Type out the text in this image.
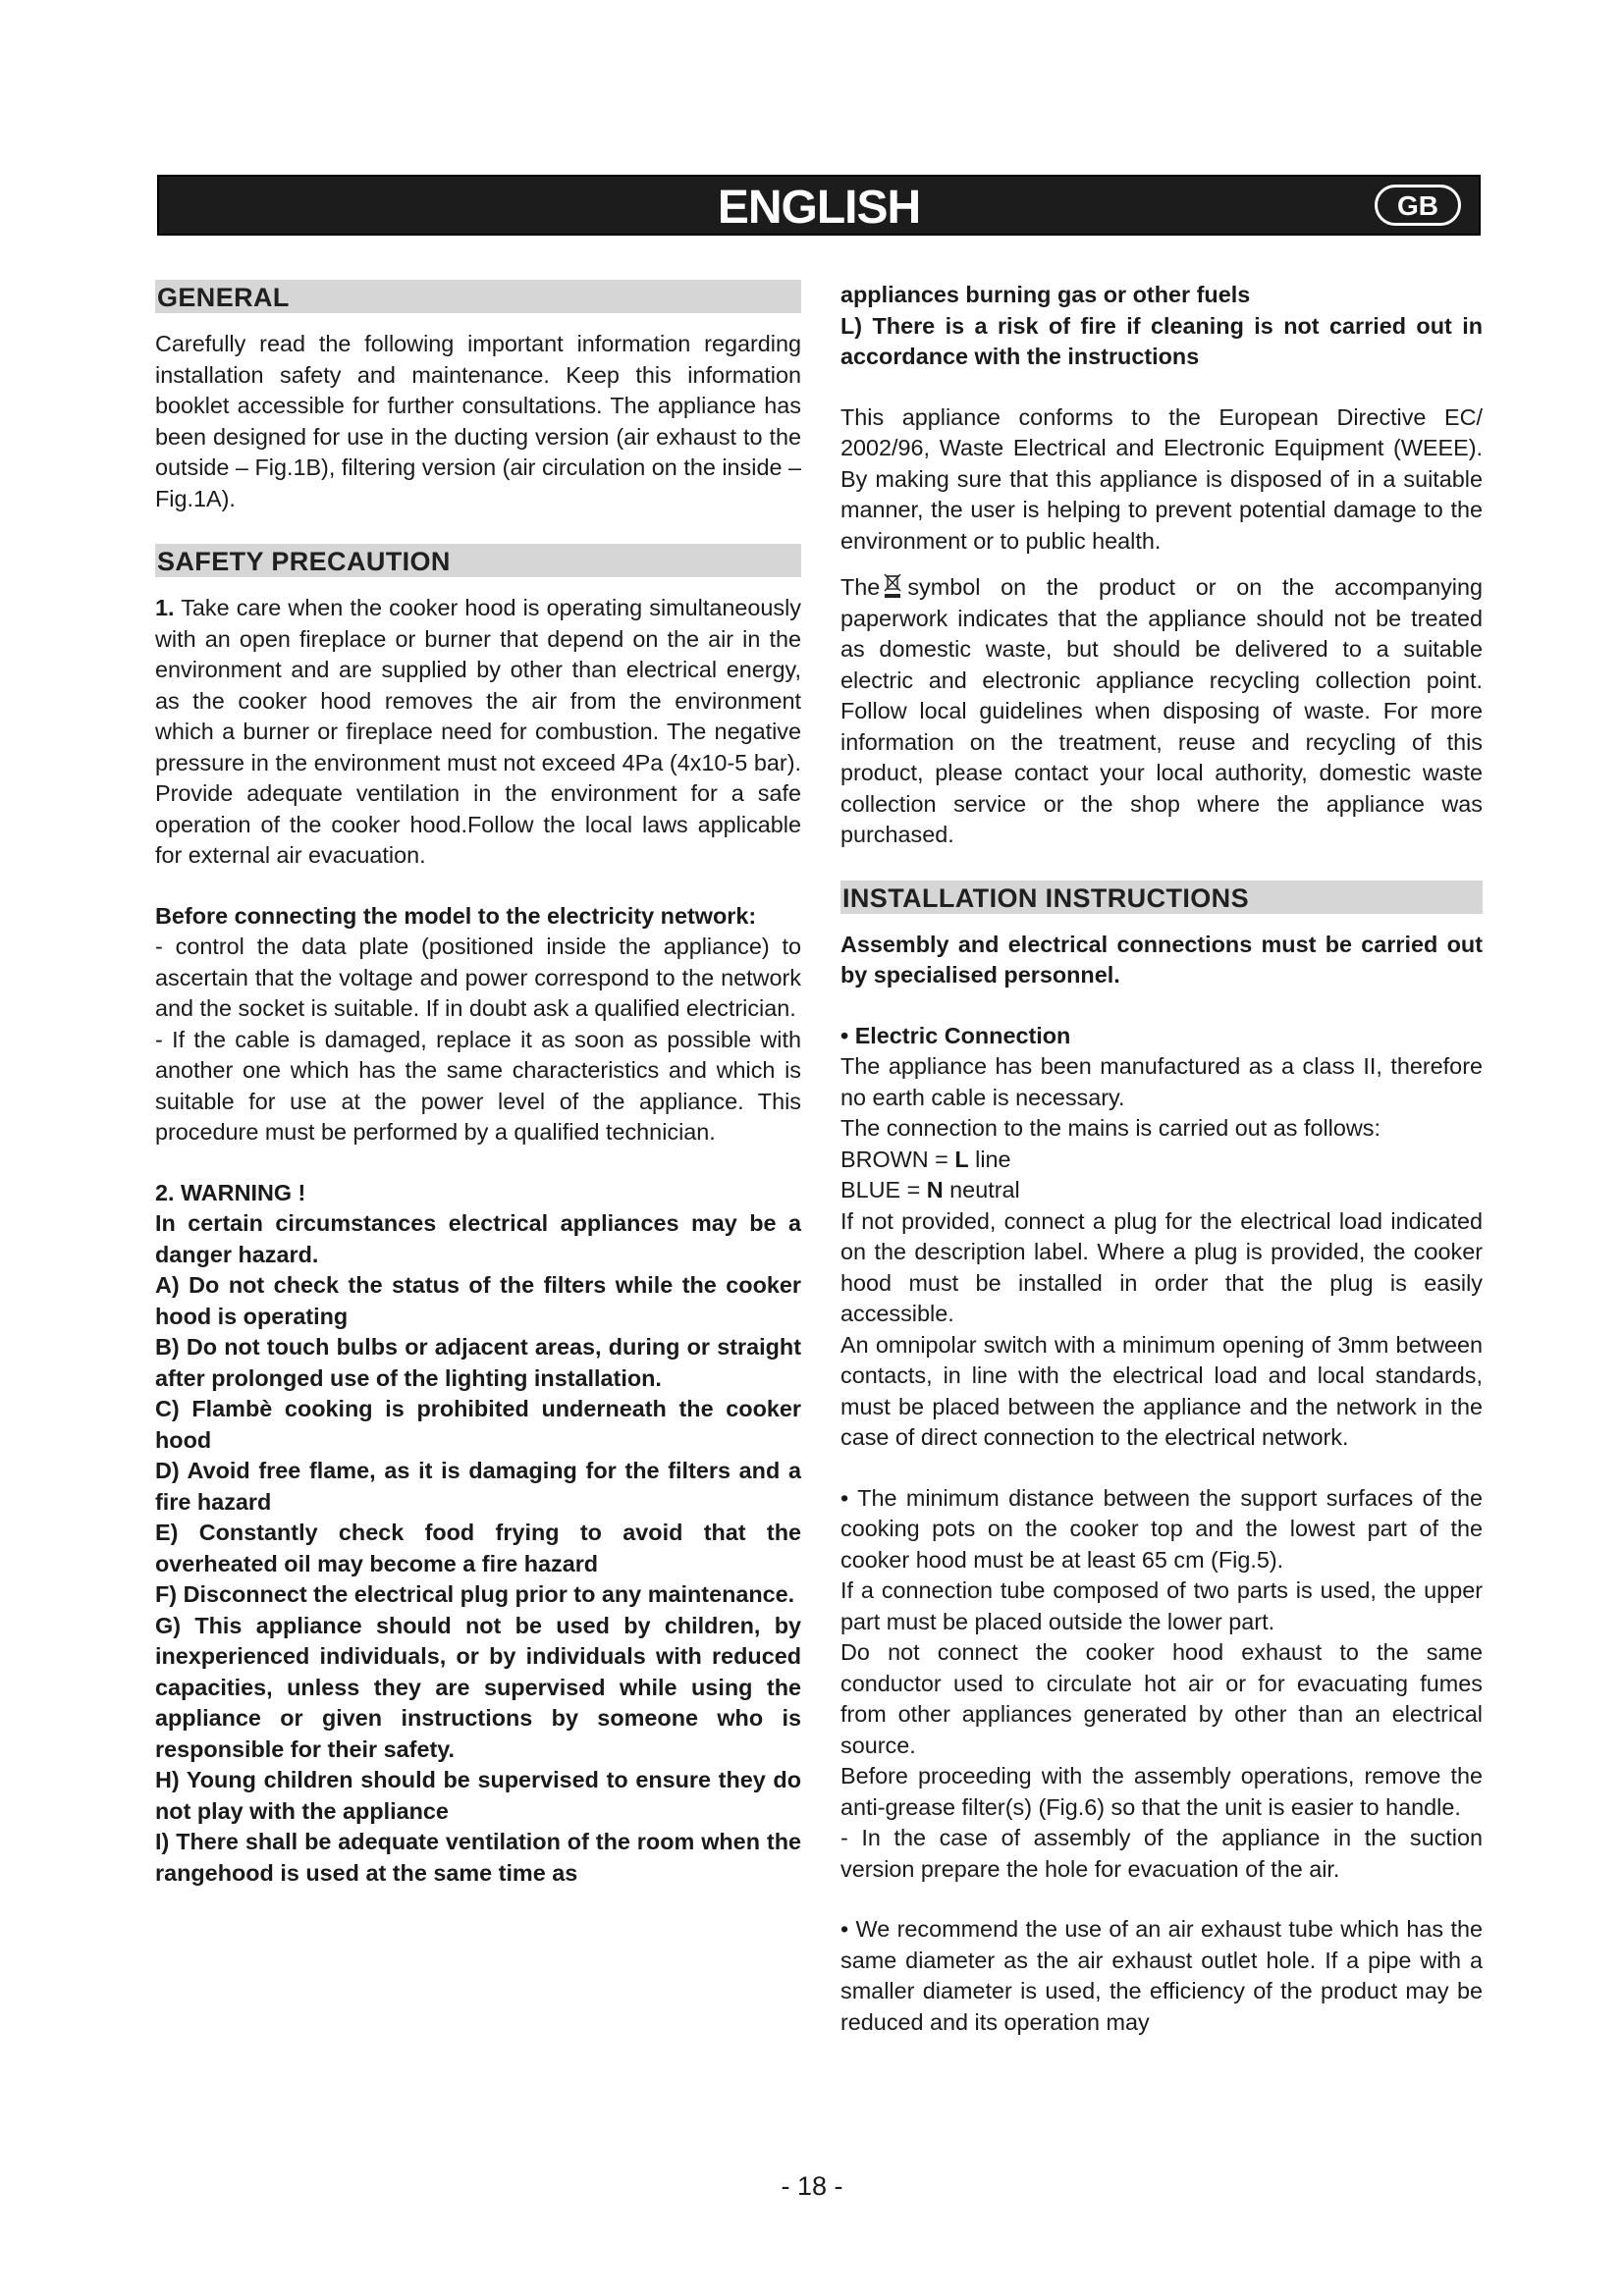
ENGLISH	GB
GENERAL

Carefully read the following important information regarding installation safety and maintenance. Keep this information booklet accessible for further consultations. The appliance has been designed for use in the ducting version (air exhaust to the outside – Fig.1B), filtering version (air circulation on the inside – Fig.1A).

SAFETY PRECAUTION

1. Take care when the cooker hood is operating simultaneously with an open fireplace or burner that depend on the air in the environment and are supplied by other than electrical energy, as the cooker hood removes the air from the environment which a burner or fireplace need for combustion. The negative pressure in the environment must not exceed 4Pa (4x10-5 bar). Provide adequate ventilation in the environment for a safe operation of the cooker hood.Follow the local laws applicable for external air evacuation.

Before connecting the model to the electricity network:

- control the data plate (positioned inside the appliance) to ascertain that the voltage and power correspond to the network and the socket is suitable. If in doubt ask a qualified electrician.

- If the cable is damaged, replace it as soon as possible with another one which has the same characteristics and which is suitable for use at the power level of the appliance. This procedure must be performed by a qualified technician.

2. WARNING !

In certain circumstances electrical appliances may be a danger hazard.

A) Do not check the status of the filters while the cooker hood is operating

B) Do not touch bulbs or adjacent areas, during or straight after prolonged use of the lighting installation.

C) Flambè cooking is prohibited underneath the cooker hood

D) Avoid free flame, as it is damaging for the filters and a fire hazard

E) Constantly check food frying to avoid that the overheated oil may become a fire hazard

F) Disconnect the electrical plug prior to any maintenance.

G) This appliance should not be used by children, by inexperienced individuals, or by individuals with reduced capacities, unless they are supervised while using the appliance or given instructions by someone who is responsible for their safety.

H) Young children should be supervised to ensure they do not play with the appliance

I) There shall be adequate ventilation of the room when the rangehood is used at the same time as

appliances burning gas or other fuels

L) There is a risk of fire if cleaning is not carried out in accordance with the instructions

This appliance conforms to the European Directive EC/ 2002/96, Waste Electrical and Electronic Equipment (WEEE). By making sure that this appliance is disposed of in a suitable manner, the user is helping to prevent potential damage to the environment or to public health.

The symbol on the product or on the accompanying paperwork indicates that the appliance should not be treated as domestic waste, but should be delivered to a suitable electric and electronic appliance recycling collection point. Follow local guidelines when disposing of waste. For more information on the treatment, reuse and recycling of this product, please contact your local authority, domestic waste collection service or the shop where the appliance was purchased.

INSTALLATION INSTRUCTIONS

Assembly and electrical connections must be carried out by specialised personnel.

• Electric Connection

The appliance has been manufactured as a class II, therefore no earth cable is necessary.

The connection to the mains is carried out as follows:

BROWN = L line

BLUE = N neutral

If not provided, connect a plug for the electrical load indicated on the description label. Where a plug is provided, the cooker hood must be installed in order that the plug is easily accessible.

An omnipolar switch with a minimum opening of 3mm between contacts, in line with the electrical load and local standards, must be placed between the appliance and the network in the case of direct connection to the electrical network.

• The minimum distance between the support surfaces of the cooking pots on the cooker top and the lowest part of the cooker hood must be at least 65 cm (Fig.5).

If a connection tube composed of two parts is used, the upper part must be placed outside the lower part.

Do not connect the cooker hood exhaust to the same conductor used to circulate hot air or for evacuating fumes from other appliances generated by other than an electrical source.

Before proceeding with the assembly operations, remove the anti-grease filter(s) (Fig.6) so that the unit is easier to handle.

- In the case of assembly of the appliance in the suction version prepare the hole for evacuation of the air.

• We recommend the use of an air exhaust tube which has the same diameter as the air exhaust outlet hole. If a pipe with a smaller diameter is used, the efficiency of the product may be reduced and its operation may

- 18 -
